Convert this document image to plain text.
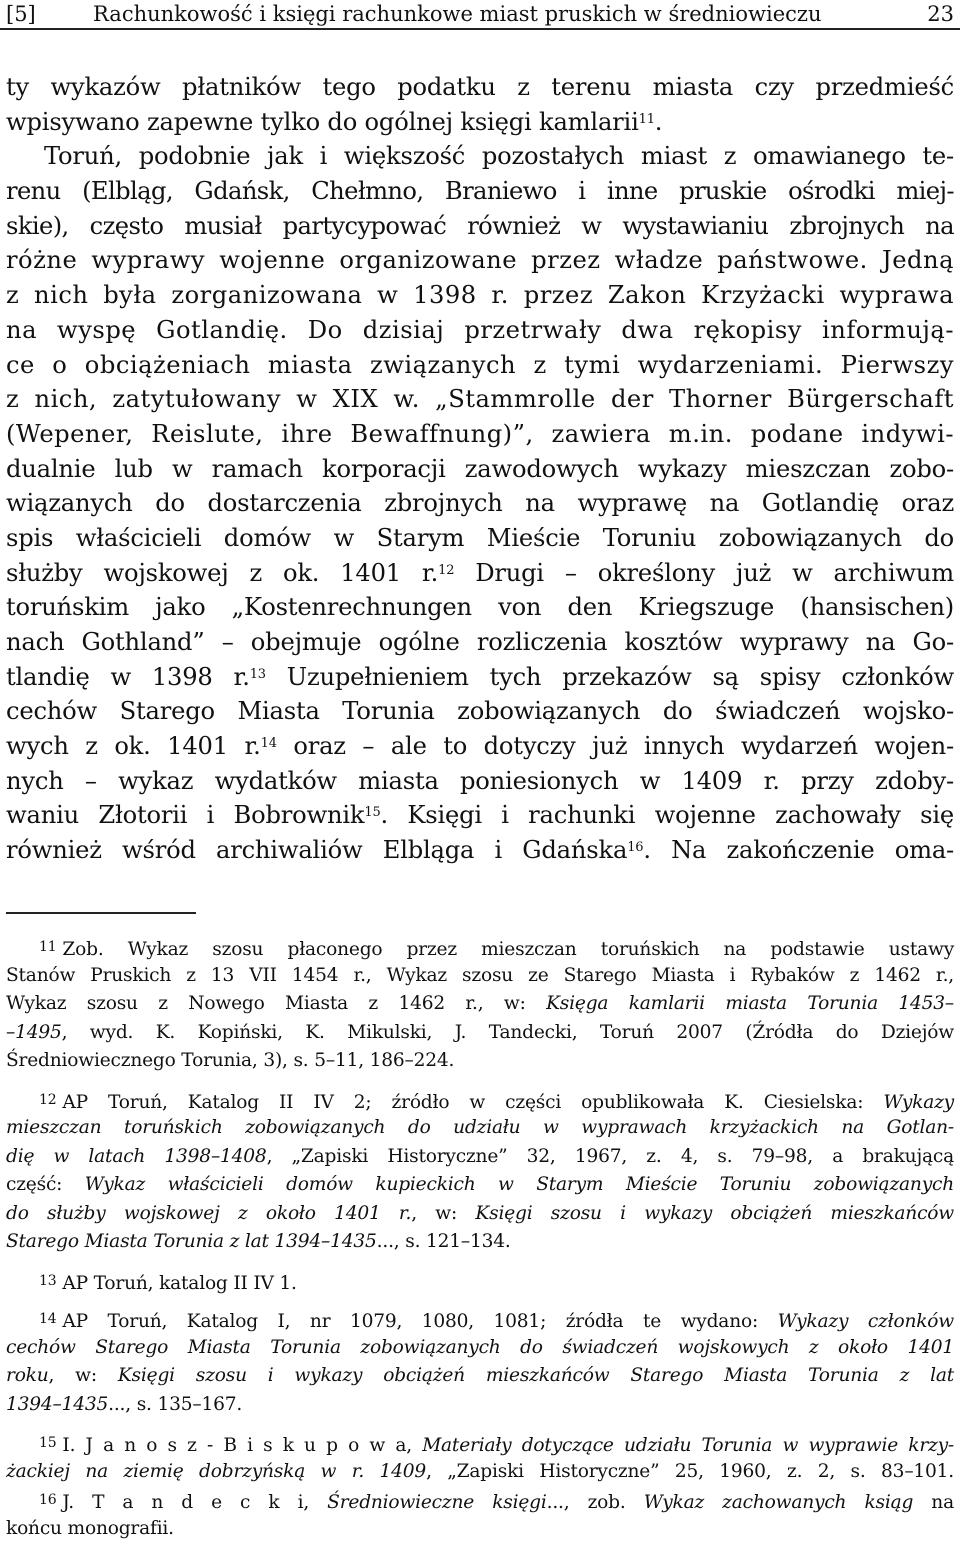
[5]	Rachunkowość i księgi rachunkowe miast pruskich w średniowieczu	23
ty wykazów płatników tego podatku z terenu miasta czy przedmieść
wpisywano zapewne tylko do ogólnej księgi kamlarii$^{11}$.
Toruń, podobnie jak i większość pozostałych miast z omawianego te-
renu (Elbląg, Gdańsk, Chełmno, Braniewo i inne pruskie ośrodki miej-
skie), często musiał partycypować również w wystawianiu zbrojnych na
różne wyprawy wojenne organizowane przez władze państwowe. Jedną
z nich była zorganizowana w 1398 r. przez Zakon Krzyżacki wyprawa
na wyspę Gotlandię. Do dzisiaj przetrwały dwa rękopisy informują-
ce o obciążeniach miasta związanych z tymi wydarzeniami. Pierwszy
z nich, zatytułowany w XIX w. „Stammrolle der Thorner Bürgerschaft
(Wepener, Reislute, ihre Bewaffnung)”, zawiera m.in. podane indywi-
dualnie lub w ramach korporacji zawodowych wykazy mieszczan zobo-
wiązanych do dostarczenia zbrojnych na wyprawę na Gotlandię oraz
spis właścicieli domów w Starym Mieście Toruniu zobowiązanych do
służby wojskowej z ok. 1401 r.$^{12}$ Drugi – określony już w archiwum
toruńskim jako „Kostenrechnungen von den Kriegszuge (hansischen)
nach Gothland” – obejmuje ogólne rozliczenia kosztów wyprawy na Go-
tlandię w 1398 r.$^{13}$ Uzupełnieniem tych przekazów są spisy członków
cechów Starego Miasta Torunia zobowiązanych do świadczeń wojsko-
wych z ok. 1401 r.$^{14}$ oraz – ale to dotyczy już innych wydarzeń wojen-
nych – wykaz wydatków miasta poniesionych w 1409 r. przy zdoby-
waniu Złotorii i Bobrownik$^{15}$. Księgi i rachunki wojenne zachowały się
również wśród archiwaliów Elbląga i Gdańska$^{16}$. Na zakończenie oma-
$^{11}$ Zob. Wykaz szosu płaconego przez mieszczan toruńskich na podstawie ustawy
Stanów Pruskich z 13 VII 1454 r., Wykaz szosu ze Starego Miasta i Rybaków z 1462 r.,
Wykaz szosu z Nowego Miasta z 1462 r., w: Księga kamlarii miasta Torunia 1453–
–1495, wyd. K. Kopiński, K. Mikulski, J. Tandecki, Toruń 2007 (Źródła do Dziejów
Średniowiecznego Torunia, 3), s. 5–11, 186–224.
$^{12}$ AP Toruń, Katalog II IV 2; źródło w części opublikowała K. Ciesielska: Wykazy
mieszczan toruńskich zobowiązanych do udziału w wyprawach krzyżackich na Gotlan-
dię w latach 1398–1408, „Zapiski Historyczne” 32, 1967, z. 4, s. 79–98, a brakującą
część: Wykaz właścicieli domów kupieckich w Starym Mieście Toruniu zobowiązanych
do służby wojskowej z około 1401 r., w: Księgi szosu i wykazy obciążeń mieszkańców
Starego Miasta Torunia z lat 1394–1435..., s. 121–134.
$^{13}$ AP Toruń, katalog II IV 1.
$^{14}$ AP Toruń, Katalog I, nr 1079, 1080, 1081; źródła te wydano: Wykazy członków
cechów Starego Miasta Torunia zobowiązanych do świadczeń wojskowych z około 1401
roku, w: Księgi szosu i wykazy obciążeń mieszkańców Starego Miasta Torunia z lat
1394–1435..., s. 135–167.
$^{15}$ I. J a n o s z - B i s k u p o w a, Materiały dotyczące udziału Torunia w wyprawie krzy-
żackiej na ziemię dobrzyńską w r. 1409, „Zapiski Historyczne” 25, 1960, z. 2, s. 83–101.
$^{16}$ J. T a n d e c k i, Średniowieczne księgi..., zob. Wykaz zachowanych ksiąg na
końcu monografii.
